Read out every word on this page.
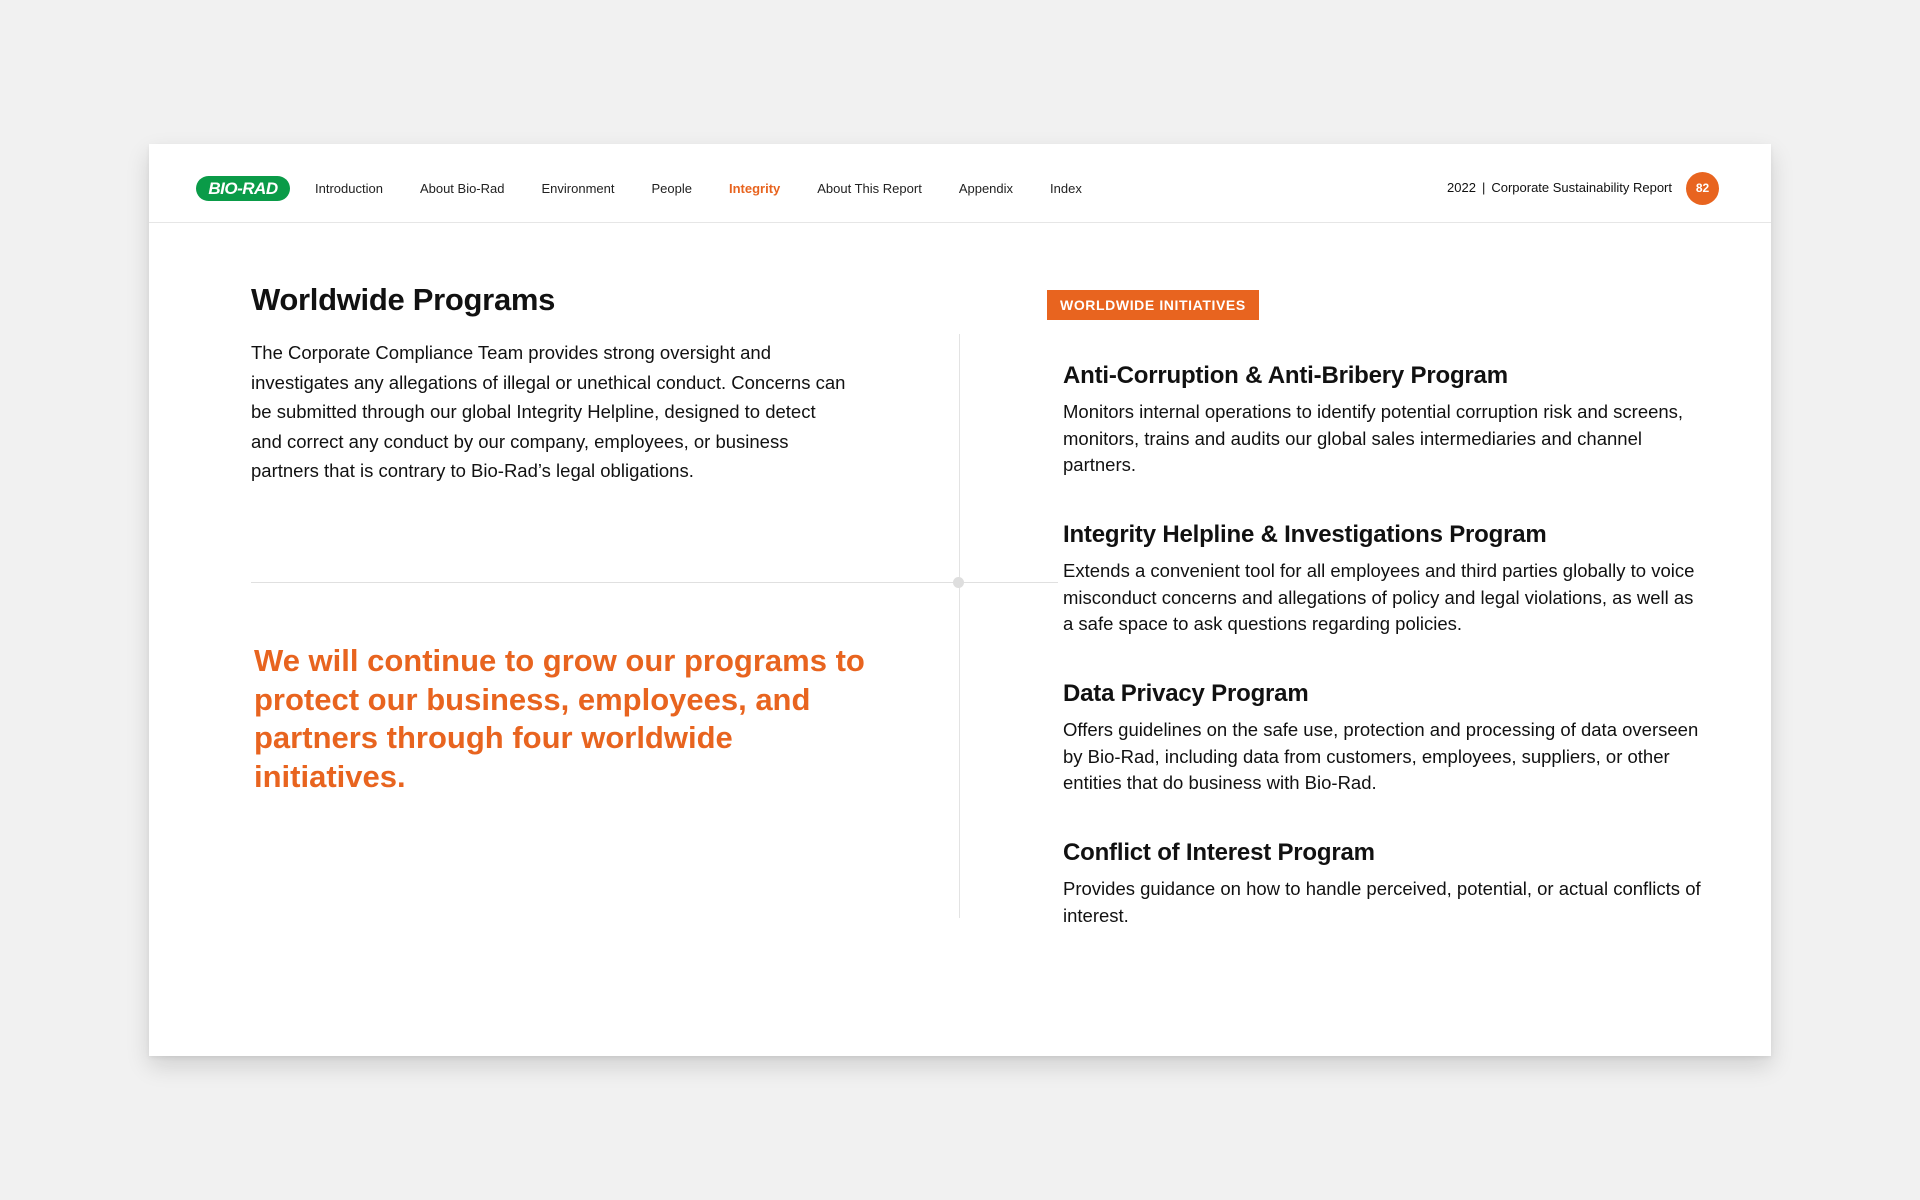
BIO-RAD	Introduction	About Bio-Rad	Environment	People	Integrity	About This Report	Appendix	Index	2022 | Corporate Sustainability Report	82
Worldwide Programs

The Corporate Compliance Team provides strong oversight and investigates any allegations of illegal or unethical conduct. Concerns can be submitted through our global Integrity Helpline, designed to detect and correct any conduct by our company, employees, or business partners that is contrary to Bio-Rad’s legal obligations.

We will continue to grow our programs to protect our business, employees, and partners through four worldwide initiatives.

WORLDWIDE INITIATIVES
Anti-Corruption & Anti-Bribery Program

Monitors internal operations to identify potential corruption risk and screens, monitors, trains and audits our global sales intermediaries and channel partners.

Integrity Helpline & Investigations Program

Extends a convenient tool for all employees and third parties globally to voice misconduct concerns and allegations of policy and legal violations, as well as a safe space to ask questions regarding policies.

Data Privacy Program

Offers guidelines on the safe use, protection and processing of data overseen by Bio-Rad, including data from customers, employees, suppliers, or other entities that do business with Bio-Rad.

Conflict of Interest Program

Provides guidance on how to handle perceived, potential, or actual conflicts of interest.
